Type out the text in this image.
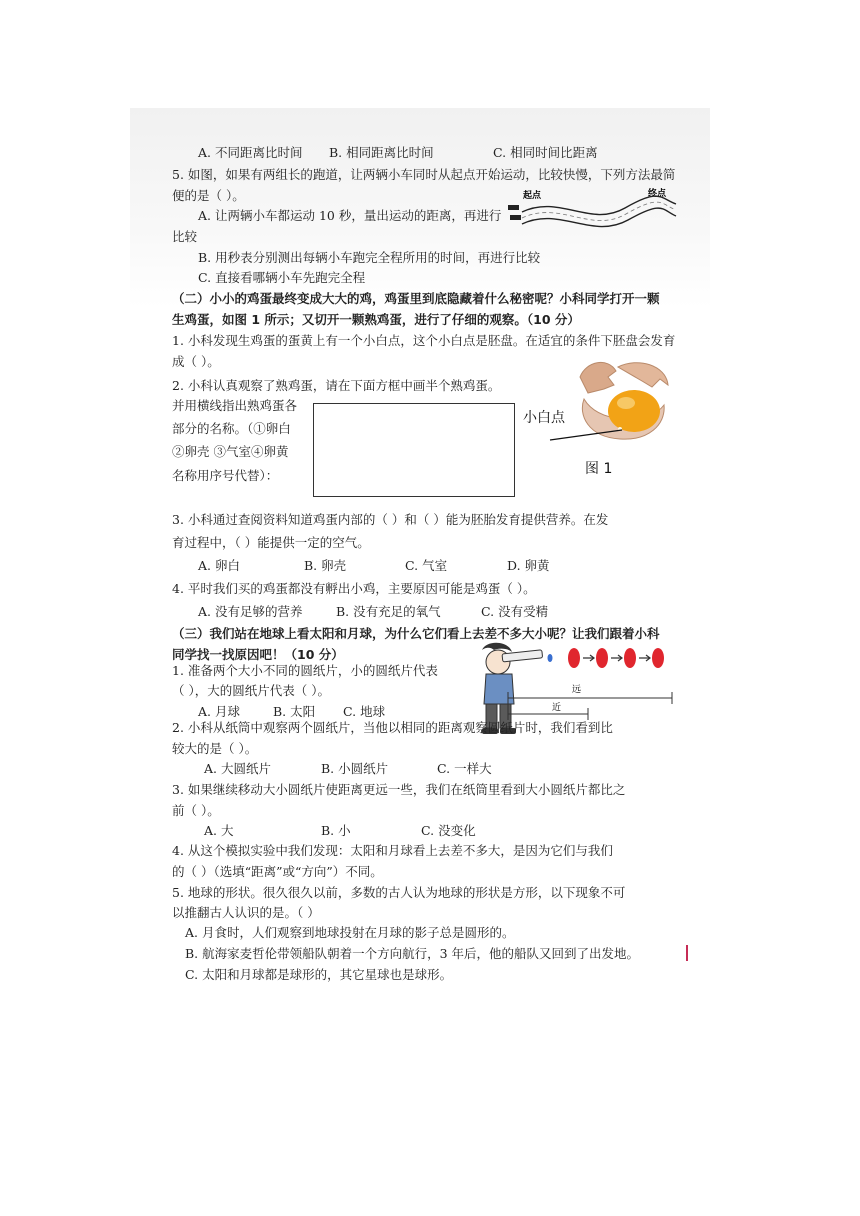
A. 不同距离比时间 B. 相同距离比时间	C. 相同时间比距离
5. 如图，如果有两组长的跑道，让两辆小车同时从起点开始运动，比较快慢，下列方法最简
便的是（ ）。
A. 让两辆小车都运动 10 秒，量出运动的距离，再进行
比较
B. 用秒表分别测出每辆小车跑完全程所用的时间，再进行比较
C. 直接看哪辆小车先跑完全程
起点	终点
（二）小小的鸡蛋最终变成大大的鸡，鸡蛋里到底隐藏着什么秘密呢？小科同学打开一颗
生鸡蛋，如图 1 所示；又切开一颗熟鸡蛋，进行了仔细的观察。（10 分）
1. 小科发现生鸡蛋的蛋黄上有一个小白点，这个小白点是胚盘。在适宜的条件下胚盘会发育
成（ ）。
2. 小科认真观察了熟鸡蛋，请在下面方框中画半个熟鸡蛋。
并用横线指出熟鸡蛋各
部分的名称。（①卵白
②卵壳 ③气室④卵黄
名称用序号代替）：
小白点
图 1
3. 小科通过查阅资料知道鸡蛋内部的（ ）和（ ）能为胚胎发育提供营养。在发
育过程中，（ ）能提供一定的空气。
A. 卵白	B. 卵壳	C. 气室	D. 卵黄
4. 平时我们买的鸡蛋都没有孵出小鸡，主要原因可能是鸡蛋（ ）。
A. 没有足够的营养	B. 没有充足的氧气	C. 没有受精
（三）我们站在地球上看太阳和月球，为什么它们看上去差不多大小呢？让我们跟着小科
同学找一找原因吧！（10 分）
1. 准备两个大小不同的圆纸片，小的圆纸片代表
（ ），大的圆纸片代表（ ）。
A. 月球	B. 太阳 C. 地球
远
近
2. 小科从纸筒中观察两个圆纸片，当他以相同的距离观察圆纸片时，我们看到比
较大的是（ ）。
A. 大圆纸片	B. 小圆纸片	C. 一样大
3. 如果继续移动大小圆纸片使距离更远一些，我们在纸筒里看到大小圆纸片都比之
前（ ）。
A. 大	B. 小	C. 没变化
4. 从这个模拟实验中我们发现：太阳和月球看上去差不多大，是因为它们与我们
的（ ）（选填“距离”或“方向”）不同。
5. 地球的形状。很久很久以前，多数的古人认为地球的形状是方形，以下现象不可
以推翻古人认识的是。（ ）
A. 月食时，人们观察到地球投射在月球的影子总是圆形的。
B. 航海家麦哲伦带领船队朝着一个方向航行，3 年后，他的船队又回到了出发地。
C. 太阳和月球都是球形的，其它星球也是球形。
